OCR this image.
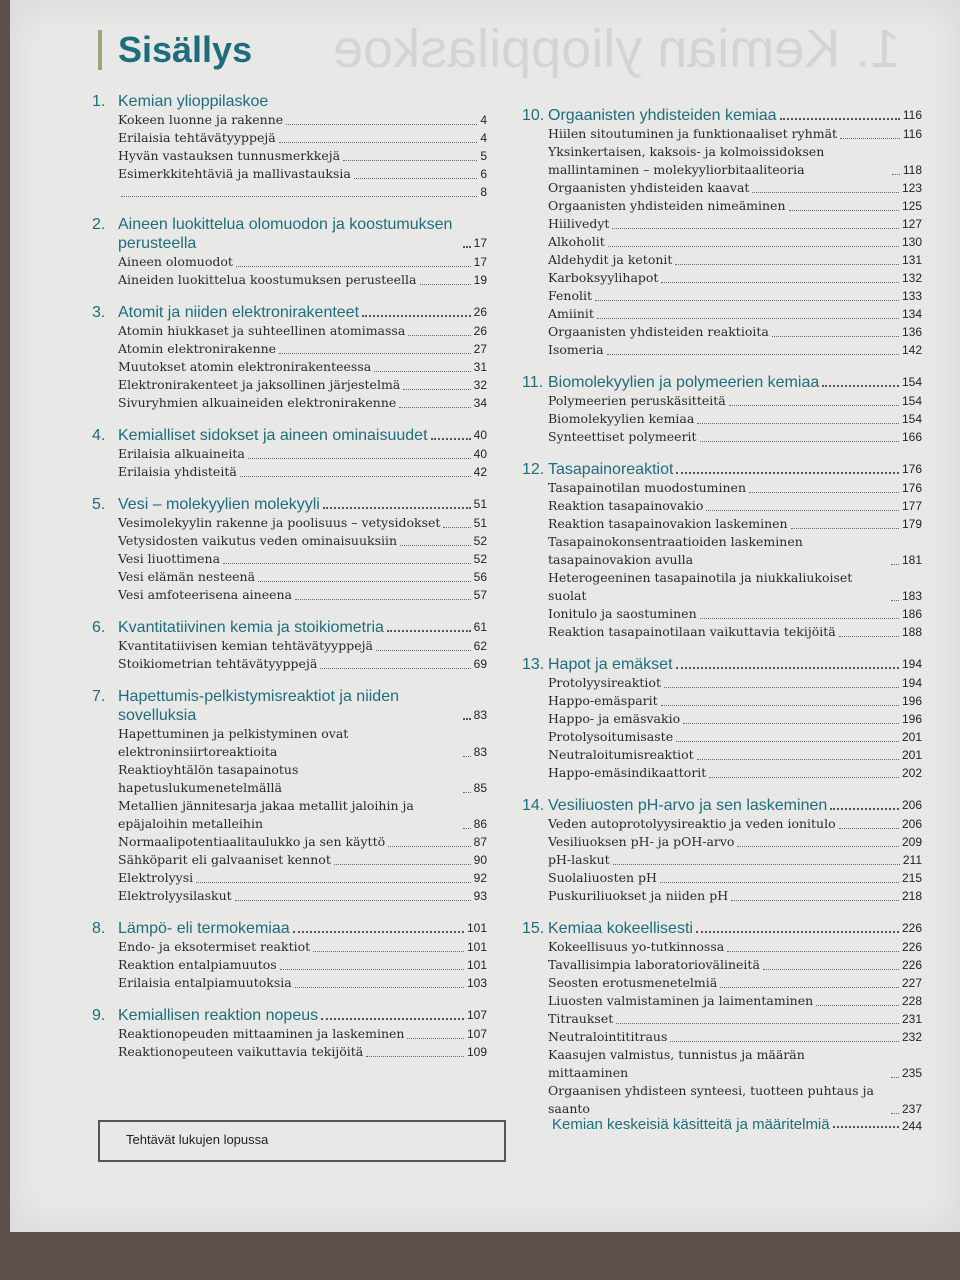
1. Kemian ylioppilaskoe
Sisällys
1. Kemian ylioppilaskoe
Kokeen luonne ja rakenne	4
Erilaisia tehtävätyyppejä	4
Hyvän vastauksen tunnusmerkkejä	5
Esimerkkitehtäviä ja mallivastauksia	6
8
2. Aineen luokittelua olomuodon ja koostumuksen perusteella	17
Aineen olomuodot	17
Aineiden luokittelua koostumuksen perusteella	19
3. Atomit ja niiden elektronirakenteet	26
Atomin hiukkaset ja suhteellinen atomimassa	26
Atomin elektronirakenne	27
Muutokset atomin elektronirakenteessa	31
Elektronirakenteet ja jaksollinen järjestelmä	32
Sivuryhmien alkuaineiden elektronirakenne	34
4. Kemialliset sidokset ja aineen ominaisuudet	40
Erilaisia alkuaineita	40
Erilaisia yhdisteitä	42
5. Vesi – molekyylien molekyyli	51
Vesimolekyylin rakenne ja poolisuus – vetysidokset	51
Vetysidosten vaikutus veden ominaisuuksiin	52
Vesi liuottimena	52
Vesi elämän nesteenä	56
Vesi amfoteerisena aineena	57
6. Kvantitatiivinen kemia ja stoikiometria	61
Kvantitatiivisen kemian tehtävätyyppejä	62
Stoikiometrian tehtävätyyppejä	69
7. Hapettumis-pelkistymisreaktiot ja niiden sovelluksia	83
Hapettuminen ja pelkistyminen ovat elektroninsiirtoreaktioita	83
Reaktioyhtälön tasapainotus hapetuslukumenetelmällä	85
Metallien jännitesarja jakaa metallit jaloihin ja epäjaloihin metalleihin	86
Normaalipotentiaalitaulukko ja sen käyttö	87
Sähköparit eli galvaaniset kennot	90
Elektrolyysi	92
Elektrolyysilaskut	93
8. Lämpö- eli termokemiaa	101
Endo- ja eksotermiset reaktiot	101
Reaktion entalpiamuutos	101
Erilaisia entalpiamuutoksia	103
9. Kemiallisen reaktion nopeus	107
Reaktionopeuden mittaaminen ja laskeminen	107
Reaktionopeuteen vaikuttavia tekijöitä	109
10. Orgaanisten yhdisteiden kemiaa	116
Hiilen sitoutuminen ja funktionaaliset ryhmät	116
Yksinkertaisen, kaksois- ja kolmoissidoksen mallintaminen – molekyyliorbitaaliteoria	118
Orgaanisten yhdisteiden kaavat	123
Orgaanisten yhdisteiden nimeäminen	125
Hiilivedyt	127
Alkoholit	130
Aldehydit ja ketonit	131
Karboksyylihapot	132
Fenolit	133
Amiinit	134
Orgaanisten yhdisteiden reaktioita	136
Isomeria	142
11. Biomolekyylien ja polymeerien kemiaa	154
Polymeerien peruskäsitteitä	154
Biomolekyylien kemiaa	154
Synteettiset polymeerit	166
12. Tasapainoreaktiot	176
Tasapainotilan muodostuminen	176
Reaktion tasapainovakio	177
Reaktion tasapainovakion laskeminen	179
Tasapainokonsentraatioiden laskeminen tasapainovakion avulla	181
Heterogeeninen tasapainotila ja niukkaliukoiset suolat	183
Ionitulo ja saostuminen	186
Reaktion tasapainotilaan vaikuttavia tekijöitä	188
13. Hapot ja emäkset	194
Protolyysireaktiot	194
Happo-emäsparit	196
Happo- ja emäsvakio	196
Protolysoitumisaste	201
Neutraloitumisreaktiot	201
Happo-emäsindikaattorit	202
14. Vesiliuosten pH-arvo ja sen laskeminen	206
Veden autoprotolyysireaktio ja veden ionitulo	206
Vesiliuoksen pH- ja pOH-arvo	209
pH-laskut	211
Suolaliuosten pH	215
Puskuriliuokset ja niiden pH	218
15. Kemiaa kokeellisesti	226
Kokeellisuus yo-tutkinnossa	226
Tavallisimpia laboratoriovälineitä	226
Seosten erotusmenetelmiä	227
Liuosten valmistaminen ja laimentaminen	228
Titraukset	231
Neutralointititraus	232
Kaasujen valmistus, tunnistus ja määrän mittaaminen	235
Orgaanisen yhdisteen synteesi, tuotteen puhtaus ja saanto	237
Tehtävät lukujen lopussa
Kemian keskeisiä käsitteitä ja määritelmiä	244
